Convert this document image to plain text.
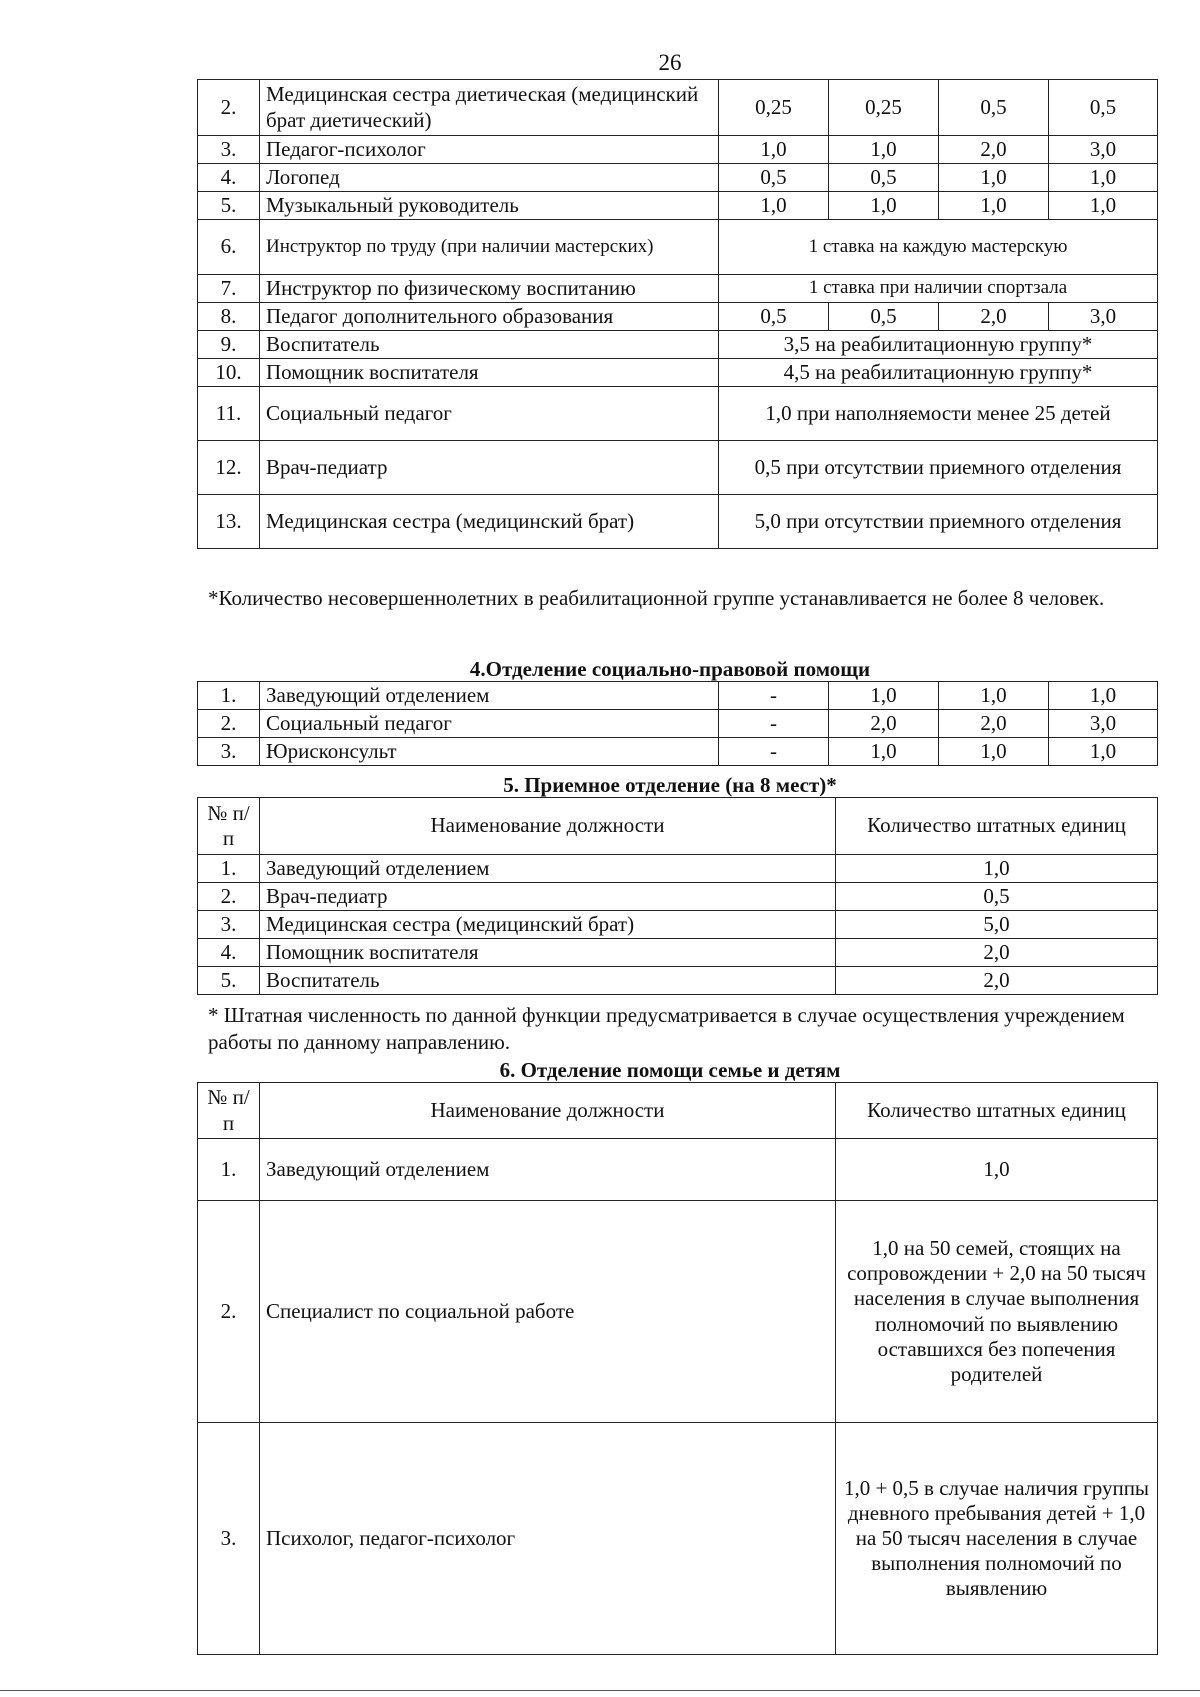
26
2.	Медицинская сестра диетическая (медицинский брат диетический)	0,25	0,25	0,5	0,5
3.	Педагог-психолог	1,0	1,0	2,0	3,0
4.	Логопед	0,5	0,5	1,0	1,0
5.	Музыкальный руководитель	1,0	1,0	1,0	1,0
6.	Инструктор по труду (при наличии мастерских)	1 ставка на каждую мастерскую			
7.	Инструктор по физическому воспитанию	1 ставка при наличии спортзала			
8.	Педагог дополнительного образования	0,5	0,5	2,0	3,0
9.	Воспитатель	3,5 на реабилитационную группу*			
10.	Помощник воспитателя	4,5 на реабилитационную группу*			
11.	Социальный педагог	1,0 при наполняемости менее 25 детей			
12.	Врач-педиатр	0,5 при отсутствии приемного отделения			
13.	Медицинская сестра (медицинский брат)	5,0 при отсутствии приемного отделения			
*Количество несовершеннолетних в реабилитационной группе устанавливается не более 8 человек.
4.Отделение социально-правовой помощи
1.	Заведующий отделением	-	1,0	1,0	1,0
2.	Социальный педагог	-	2,0	2,0	3,0
3.	Юрисконсульт	-	1,0	1,0	1,0
5. Приемное отделение (на 8 мест)*
№ п/п	Наименование должности	Количество штатных единиц
1.	Заведующий отделением	1,0
2.	Врач-педиатр	0,5
3.	Медицинская сестра (медицинский брат)	5,0
4.	Помощник воспитателя	2,0
5.	Воспитатель	2,0
* Штатная численность по данной функции предусматривается в случае осуществления учреждением работы по данному направлению.
6. Отделение помощи семье и детям
№ п/п	Наименование должности	Количество штатных единиц
1.	Заведующий отделением	1,0
2.	Специалист по социальной работе	1,0 на 50 семей, стоящих на сопровождении + 2,0 на 50 тысяч населения в случае выполнения полномочий по выявлению оставшихся без попечения родителей
3.	Психолог, педагог-психолог	1,0 + 0,5 в случае наличия группы дневного пребывания детей + 1,0 на 50 тысяч населения в случае выполнения полномочий по выявлению
